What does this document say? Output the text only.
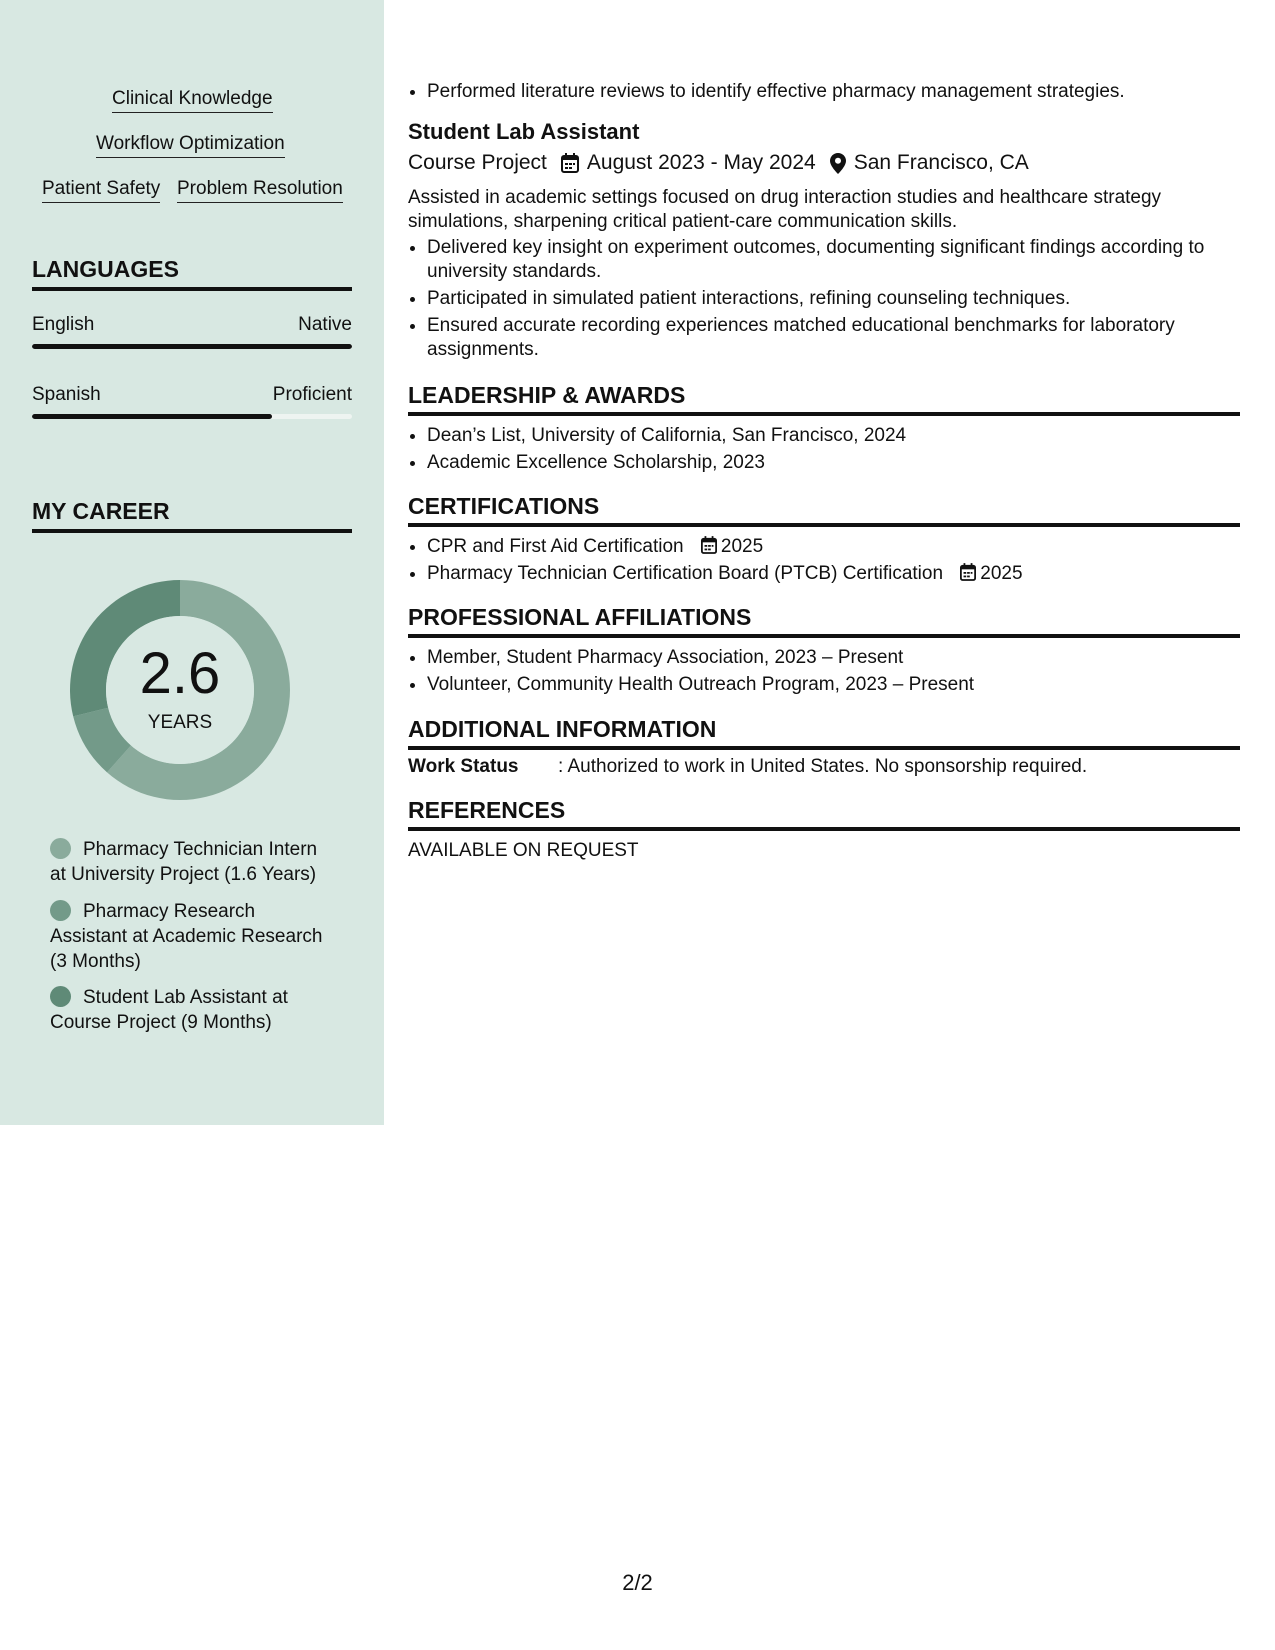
Clinical Knowledge
Workflow Optimization
Patient Safety Problem Resolution
LANGUAGES
English	Native
Spanish	Proficient
MY CAREER
2.6
YEARS
Pharmacy Technician Intern at University Project (1.6 Years)
Pharmacy Research Assistant at Academic Research (3 Months)
Student Lab Assistant at Course Project (9 Months)
• Performed literature reviews to identify effective pharmacy management strategies.
Student Lab Assistant
Course Project August 2023 - May 2024 San Francisco, CA
Assisted in academic settings focused on drug interaction studies and healthcare strategy simulations, sharpening critical patient-care communication skills.
• Delivered key insight on experiment outcomes, documenting significant findings according to university standards.
• Participated in simulated patient interactions, refining counseling techniques.
• Ensured accurate recording experiences matched educational benchmarks for laboratory assignments.
LEADERSHIP & AWARDS
• Dean’s List, University of California, San Francisco, 2024
• Academic Excellence Scholarship, 2023
CERTIFICATIONS
• CPR and First Aid Certification 2025
• Pharmacy Technician Certification Board (PTCB) Certification 2025
PROFESSIONAL AFFILIATIONS
• Member, Student Pharmacy Association, 2023 – Present
• Volunteer, Community Health Outreach Program, 2023 – Present
ADDITIONAL INFORMATION
Work Status : Authorized to work in United States. No sponsorship required.
REFERENCES
AVAILABLE ON REQUEST
2/2
